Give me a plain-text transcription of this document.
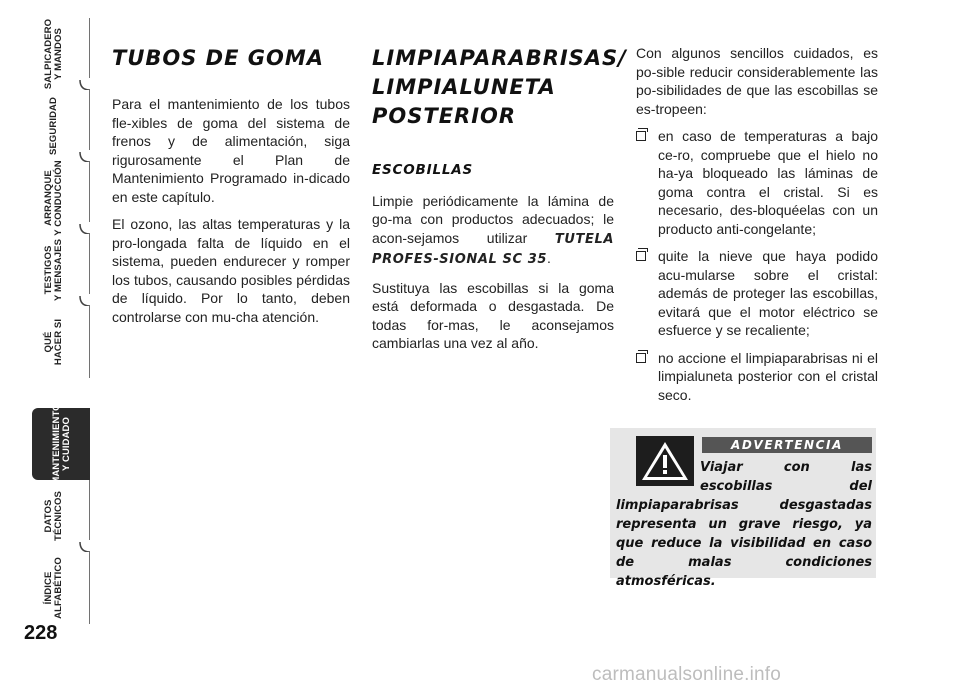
SALPICADERO
Y MANDOS
SEGURIDAD
ARRANQUE
Y CONDUCCIÓN
TESTIGOS
Y MENSAJES
QUÉ
HACER SI
MANTENIMIENTO
Y CUIDADO
DATOS
TÉCNICOS
ÍNDICE
ALFABÉTICO
228
TUBOS DE GOMA

Para el mantenimiento de los tubos fle-xibles de goma del sistema de frenos y de alimentación, siga rigurosamente el Plan de Mantenimiento Programado in-dicado en este capítulo.

El ozono, las altas temperaturas y la pro-longada falta de líquido en el sistema, pueden endurecer y romper los tubos, causando posibles pérdidas de líquido. Por lo tanto, deben controlarse con mu-cha atención.

LIMPIAPARABRISAS/
LIMPIALUNETA
POSTERIOR
ESCOBILLAS

Limpie periódicamente la lámina de go-ma con productos adecuados; le acon-sejamos utilizar TUTELA PROFES-SIONAL SC 35.

Sustituya las escobillas si la goma está deformada o desgastada. De todas for-mas, le aconsejamos cambiarlas una vez al año.

Con algunos sencillos cuidados, es po-sible reducir considerablemente las po-sibilidades de que las escobillas se es-tropeen:

en caso de temperaturas a bajo ce-ro, compruebe que el hielo no ha-ya bloqueado las láminas de goma contra el cristal. Si es necesario, des-bloquéelas con un producto anti-congelante;
quite la nieve que haya podido acu-mularse sobre el cristal: además de proteger las escobillas, evitará que el motor eléctrico se esfuerce y se recaliente;
no accione el limpiaparabrisas ni el limpialuneta posterior con el cristal seco.
ADVERTENCIA
Viajar con las escobillas del limpiaparabrisas desgastadas representa un grave riesgo, ya que reduce la visibilidad en caso de malas condiciones atmosféricas.
carmanualsonline.info
